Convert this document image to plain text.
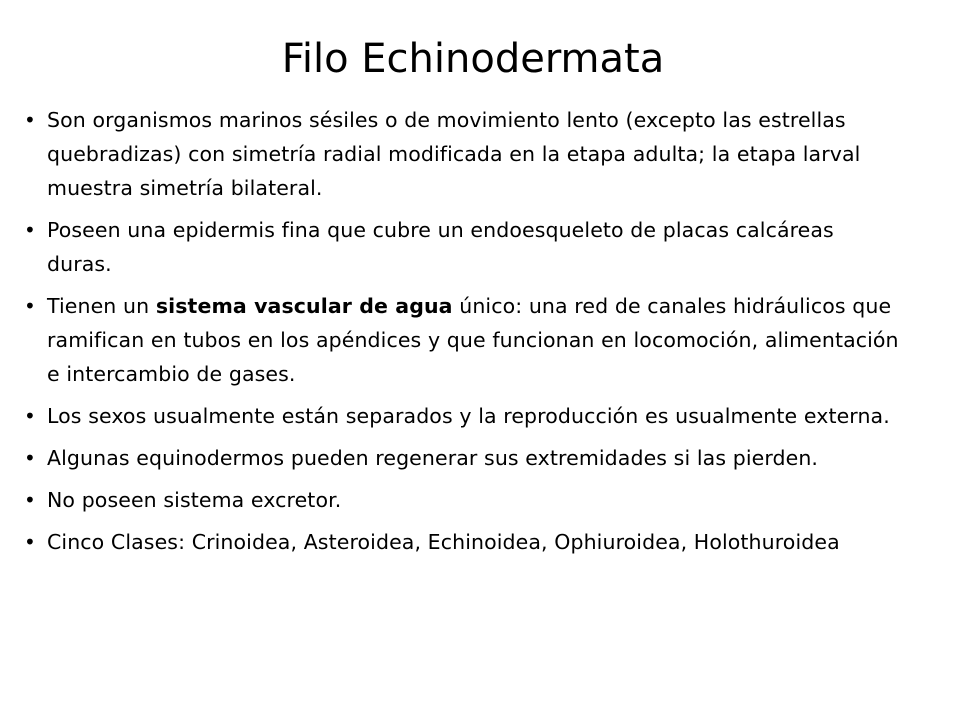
Filo Echinodermata
• Son organismos marinos sésiles o de movimiento lento (excepto las estrellas quebradizas) con simetría radial modificada en la etapa adulta; la etapa larval muestra simetría bilateral.
• Poseen una epidermis fina que cubre un endoesqueleto de placas calcáreas duras.
• Tienen un sistema vascular de agua único: una red de canales hidráulicos que ramifican en tubos en los apéndices y que funcionan en locomoción, alimentación e intercambio de gases.
• Los sexos usualmente están separados y la reproducción es usualmente externa.
• Algunas equinodermos pueden regenerar sus extremidades si las pierden.
• No poseen sistema excretor.
• Cinco Clases: Crinoidea, Asteroidea, Echinoidea, Ophiuroidea, Holothuroidea
